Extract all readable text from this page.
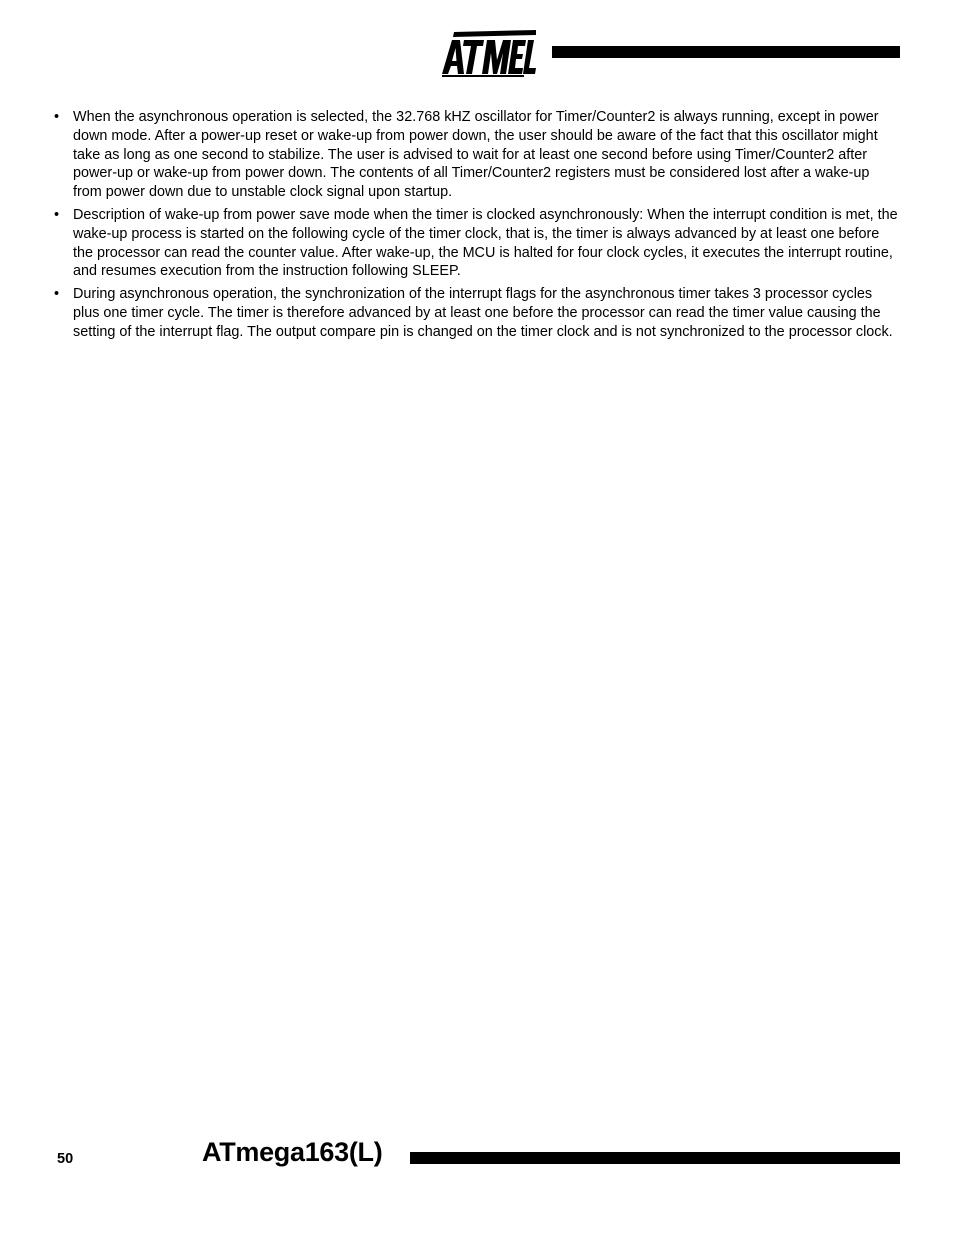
• When the asynchronous operation is selected, the 32.768 kHZ oscillator for Timer/Counter2 is always running, except in power down mode. After a power-up reset or wake-up from power down, the user should be aware of the fact that this oscillator might take as long as one second to stabilize. The user is advised to wait for at least one second before using Timer/Counter2 after power-up or wake-up from power down. The contents of all Timer/Counter2 registers must be considered lost after a wake-up from power down due to unstable clock signal upon startup.
• Description of wake-up from power save mode when the timer is clocked asynchronously: When the interrupt condition is met, the wake-up process is started on the following cycle of the timer clock, that is, the timer is always advanced by at least one before the processor can read the counter value. After wake-up, the MCU is halted for four clock cycles, it executes the interrupt routine, and resumes execution from the instruction following SLEEP.
• During asynchronous operation, the synchronization of the interrupt flags for the asynchronous timer takes 3 processor cycles plus one timer cycle. The timer is therefore advanced by at least one before the processor can read the timer value causing the setting of the interrupt flag. The output compare pin is changed on the timer clock and is not synchronized to the processor clock.
50	ATmega163(L)
